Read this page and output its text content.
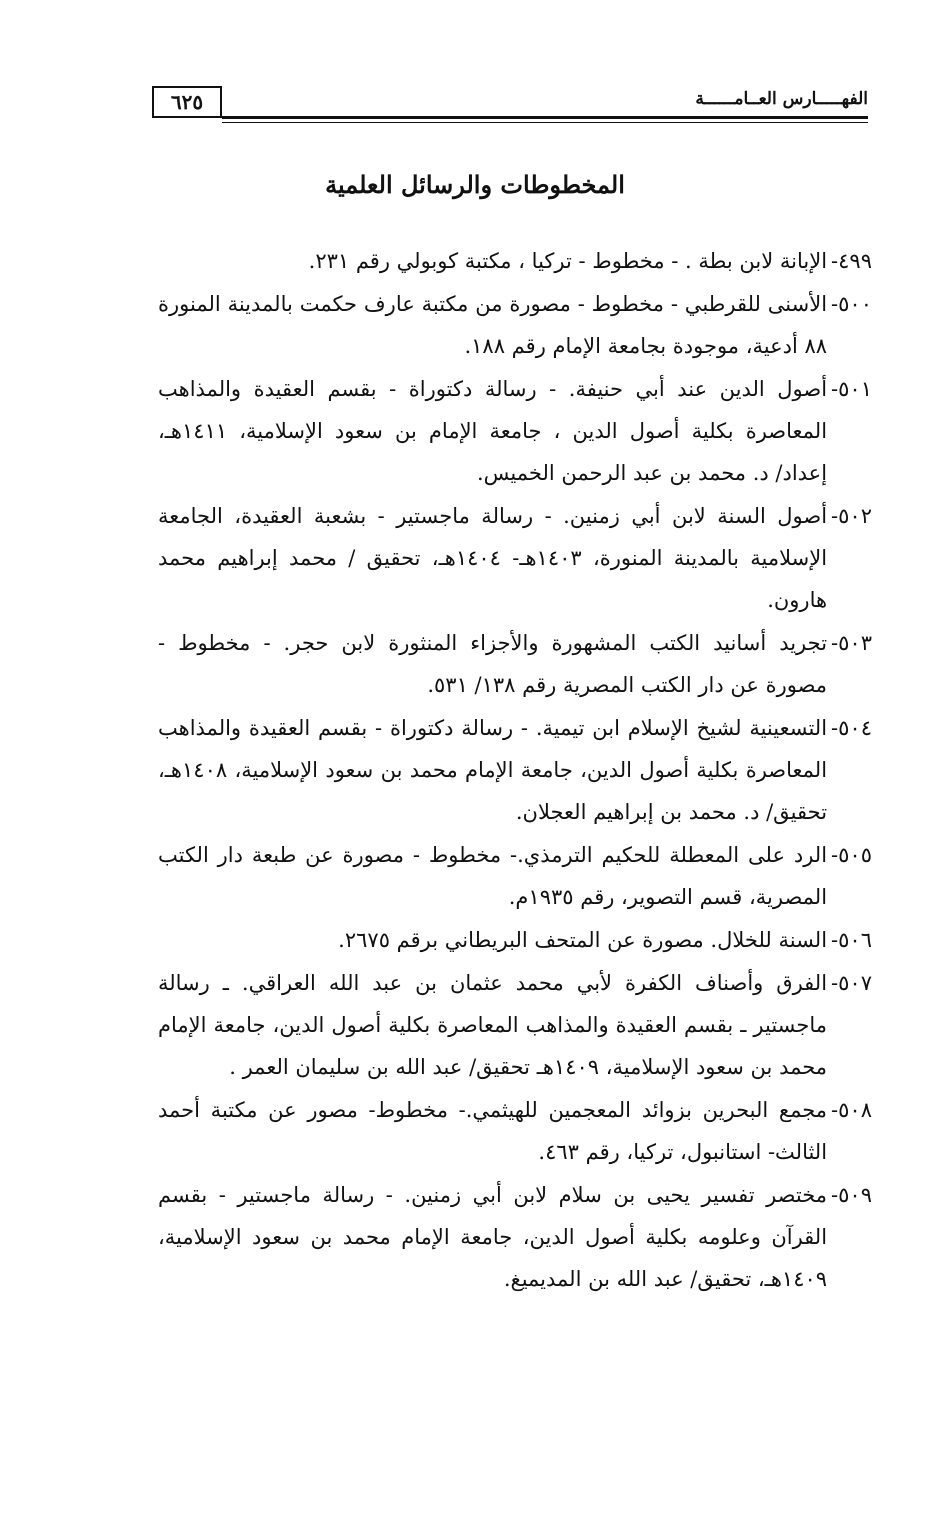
٦٢٥	الفهـــــارس العــامــــــة
المخطوطات والرسائل العلمية
٤٩٩-
الإبانة لابن بطة . - مخطوط - تركيا ، مكتبة كوبولي رقم ٢٣١.
٥٠٠-
الأسنى للقرطبي - مخطوط - مصورة من مكتبة عارف حكمت بالمدينة المنورة ٨٨ أدعية، موجودة بجامعة الإمام رقم ١٨٨.
٥٠١-
أصول الدين عند أبي حنيفة. - رسالة دكتوراة - بقسم العقيدة والمذاهب المعاصرة بكلية أصول الدين ، جامعة الإمام بن سعود الإسلامية، ١٤١١هـ، إعداد/ د. محمد بن عبد الرحمن الخميس.
٥٠٢-
أصول السنة لابن أبي زمنين. - رسالة ماجستير - بشعبة العقيدة، الجامعة الإسلامية بالمدينة المنورة، ١٤٠٣هـ- ١٤٠٤هـ، تحقيق / محمد إبراهيم محمد هارون.
٥٠٣-
تجريد أسانيد الكتب المشهورة والأجزاء المنثورة لابن حجر. - مخطوط - مصورة عن دار الكتب المصرية رقم ١٣٨/ ٥٣١.
٥٠٤-
التسعينية لشيخ الإسلام ابن تيمية. - رسالة دكتوراة - بقسم العقيدة والمذاهب المعاصرة بكلية أصول الدين، جامعة الإمام محمد بن سعود الإسلامية، ١٤٠٨هـ، تحقيق/ د. محمد بن إبراهيم العجلان.
٥٠٥-
الرد على المعطلة للحكيم الترمذي.- مخطوط - مصورة عن طبعة دار الكتب المصرية، قسم التصوير، رقم ١٩٣٥م.
٥٠٦-
السنة للخلال. مصورة عن المتحف البريطاني برقم ٢٦٧٥.
٥٠٧-
الفرق وأصناف الكفرة لأبي محمد عثمان بن عبد الله العراقي. ـ رسالة ماجستير ـ بقسم العقيدة والمذاهب المعاصرة بكلية أصول الدين، جامعة الإمام محمد بن سعود الإسلامية، ١٤٠٩هـ تحقيق/ عبد الله بن سليمان العمر .
٥٠٨-
مجمع البحرين بزوائد المعجمين للهيثمي.- مخطوط- مصور عن مكتبة أحمد الثالث- استانبول، تركيا، رقم ٤٦٣.
٥٠٩-
مختصر تفسير يحيى بن سلام لابن أبي زمنين. - رسالة ماجستير - بقسم القرآن وعلومه بكلية أصول الدين، جامعة الإمام محمد بن سعود الإسلامية، ١٤٠٩هـ، تحقيق/ عبد الله بن المديميغ.
